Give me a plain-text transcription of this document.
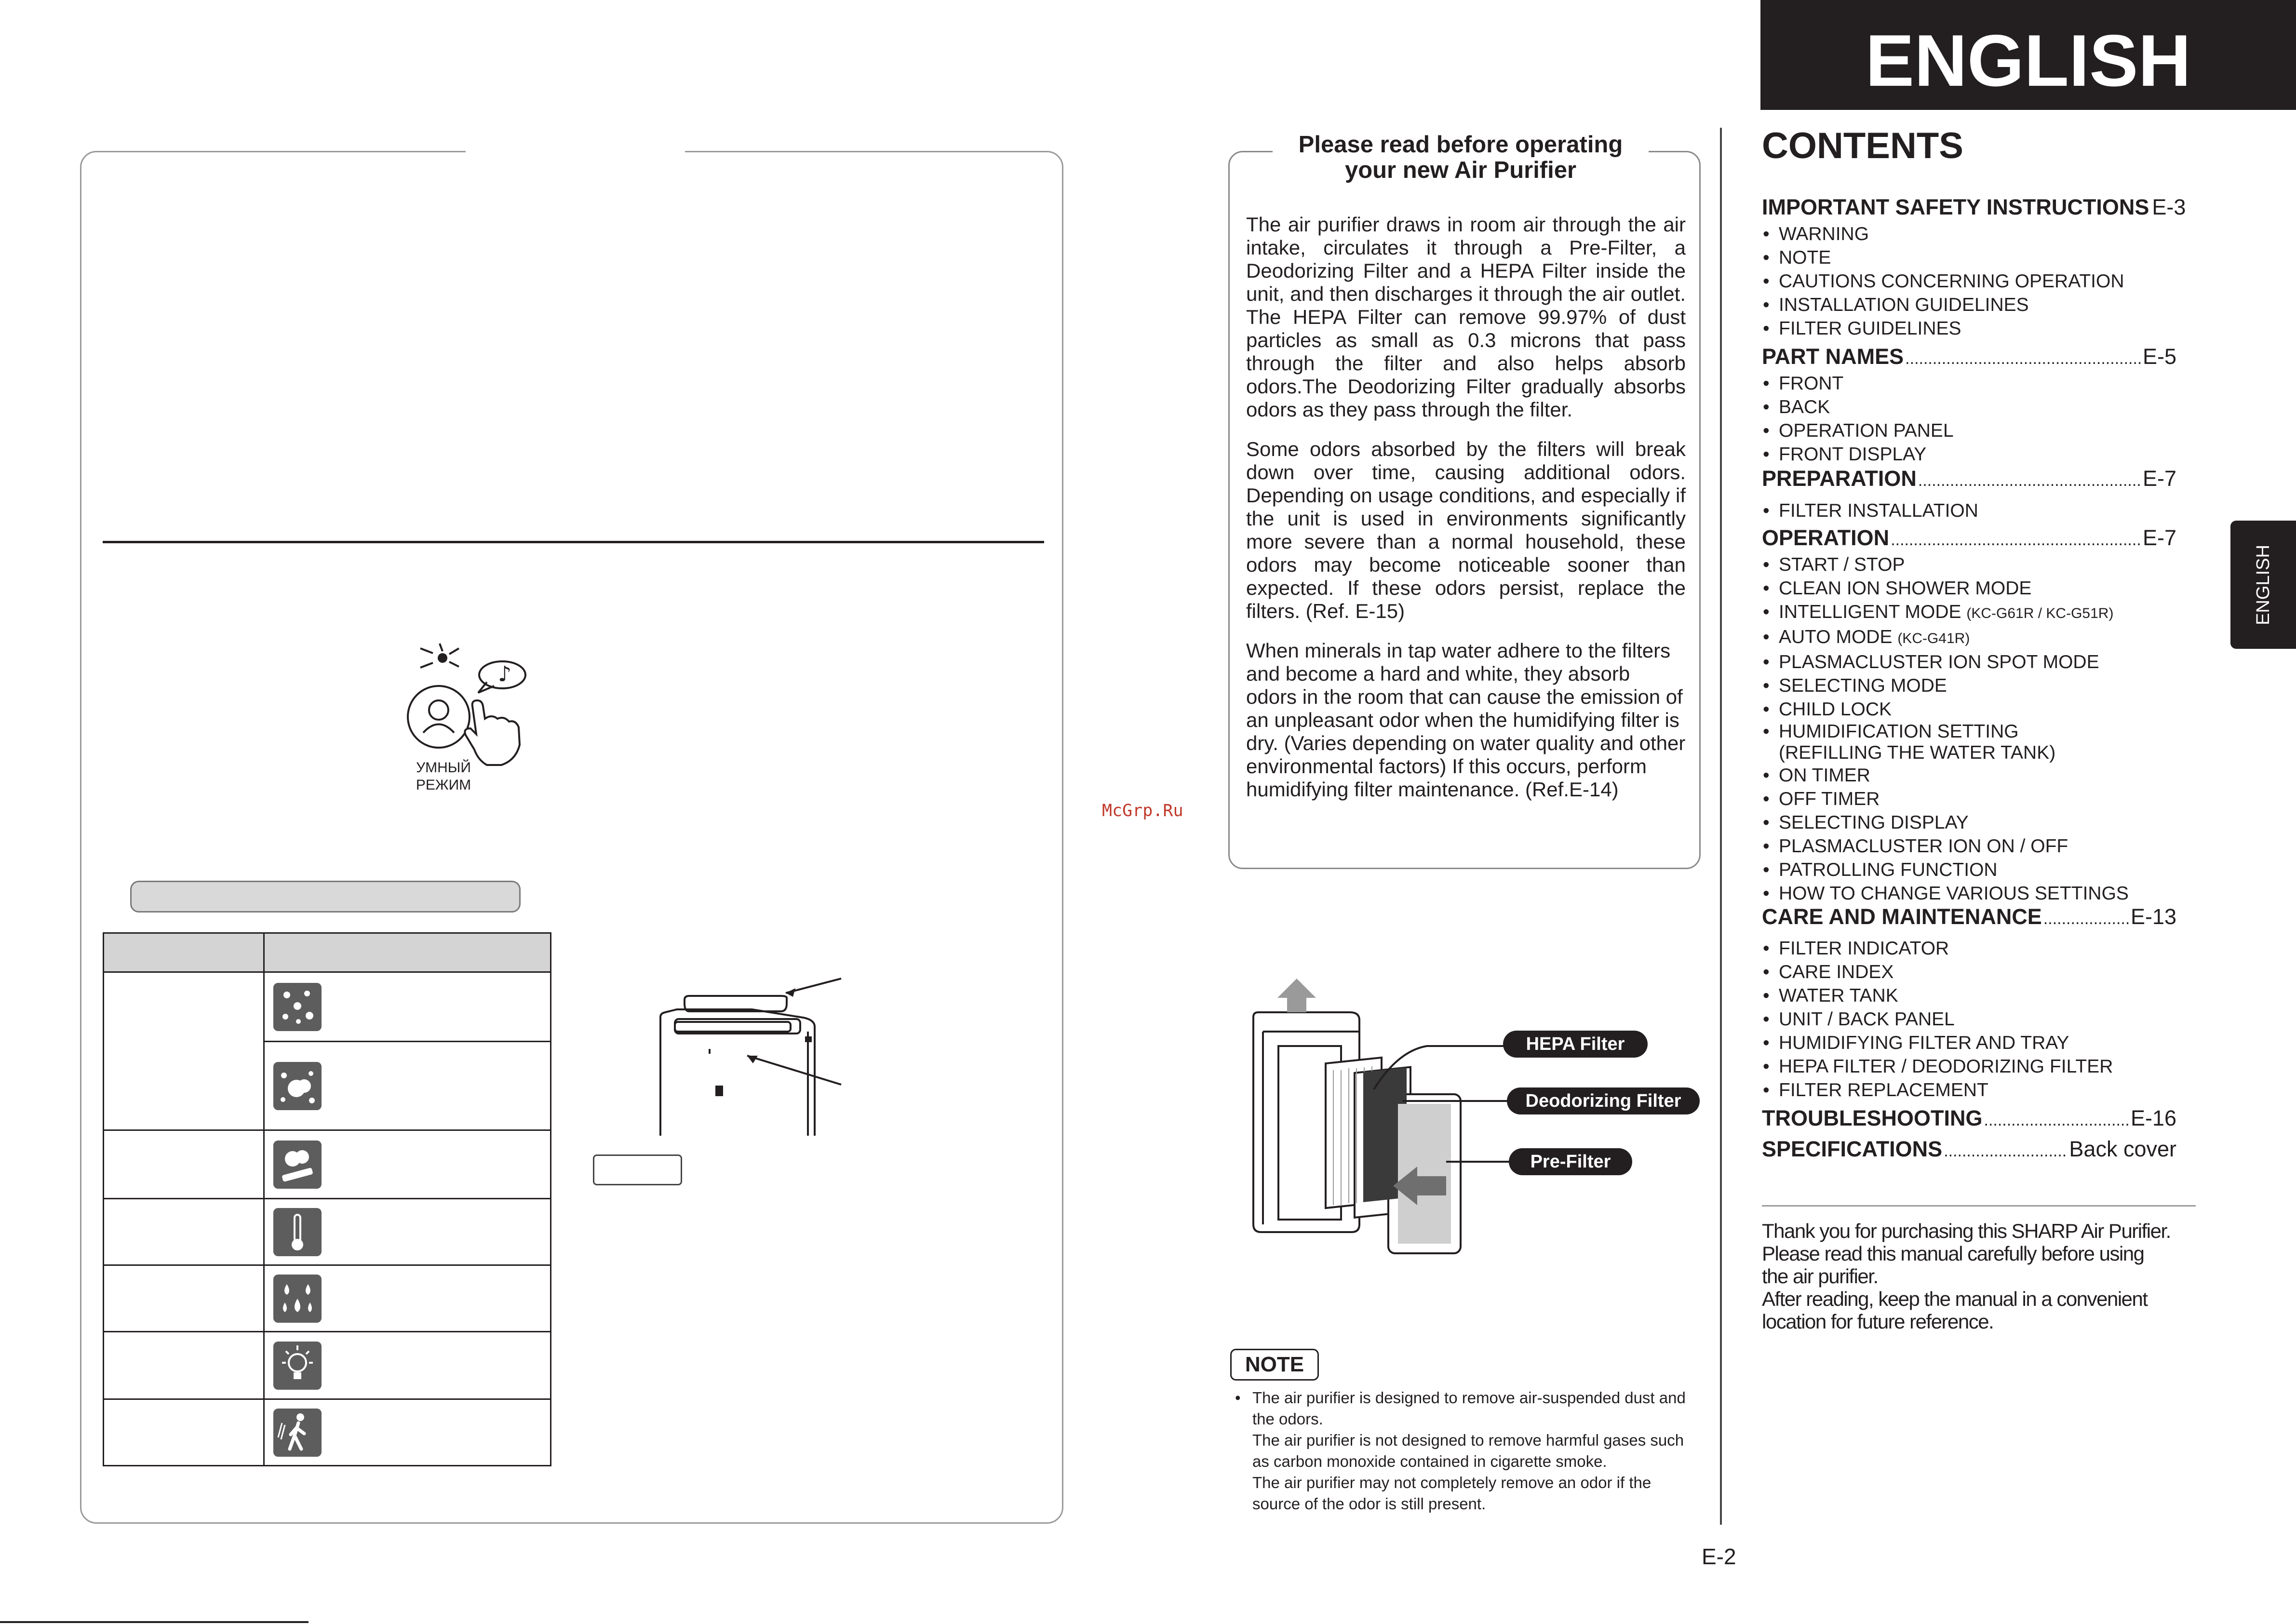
♪
УМНЫЙ
РЕЖИМ

Please read before operating
your new Air Purifier

The air purifier draws in room air through the air intake, circulates it through a Pre-Filter, a Deodorizing Filter and a HEPA Filter inside the unit, and then discharges it through the air outlet. The HEPA Filter can remove 99.97% of dust particles as small as 0.3 microns that pass through the filter and also helps absorb odors.The Deodorizing Filter gradually absorbs odors as they pass through the filter.

Some odors absorbed by the filters will break down over time, causing additional odors. Depending on usage conditions, and especially if the unit is used in environments significantly more severe than a normal household, these odors may become noticeable sooner than expected. If these odors persist, replace the filters. (Ref. E-15)

When minerals in tap water adhere to the filters and become a hard and white, they absorb odors in the room that can cause the emission of an unpleasant odor when the humidifying filter is dry. (Varies depending on water quality and other environmental factors) If this occurs, perform humidifying filter maintenance. (Ref.E-14)

McGrp.Ru
HEPA Filter
Deodorizing Filter
Pre-Filter
NOTE
• The air purifier is designed to remove air-suspended dust and the odors.
The air purifier is not designed to remove harmful gases such as carbon monoxide contained in cigarette smoke.
The air purifier may not completely remove an odor if the source of the odor is still present.
E-2
ENGLISH
ENGLISH
CONTENTS
IMPORTANT SAFETY INSTRUCTIONS E-3
• WARNING
• NOTE
• CAUTIONS CONCERNING OPERATION
• INSTALLATION GUIDELINES
• FILTER GUIDELINES
PART NAMES .....	E-5
• FRONT
• BACK
• OPERATION PANEL
• FRONT DISPLAY
PREPARATION .....	E-7
• FILTER INSTALLATION
OPERATION .....	E-7
• START / STOP
• CLEAN ION SHOWER MODE
• INTELLIGENT MODE (KC-G61R / KC-G51R)
• AUTO MODE (KC-G41R)
• PLASMACLUSTER ION SPOT MODE
• SELECTING MODE
• CHILD LOCK
• HUMIDIFICATION SETTING
(REFILLING THE WATER TANK)
• ON TIMER
• OFF TIMER
• SELECTING DISPLAY
• PLASMACLUSTER ION ON / OFF
• PATROLLING FUNCTION
• HOW TO CHANGE VARIOUS SETTINGS
CARE AND MAINTENANCE .....	E-13
• FILTER INDICATOR
• CARE INDEX
• WATER TANK
• UNIT / BACK PANEL
• HUMIDIFYING FILTER AND TRAY
• HEPA FILTER / DEODORIZING FILTER
• FILTER REPLACEMENT
TROUBLESHOOTING .....	E-16
SPECIFICATIONS .....	Back cover

Thank you for purchasing this SHARP Air Purifier.
Please read this manual carefully before using
the air purifier.
After reading, keep the manual in a convenient
location for future reference.
